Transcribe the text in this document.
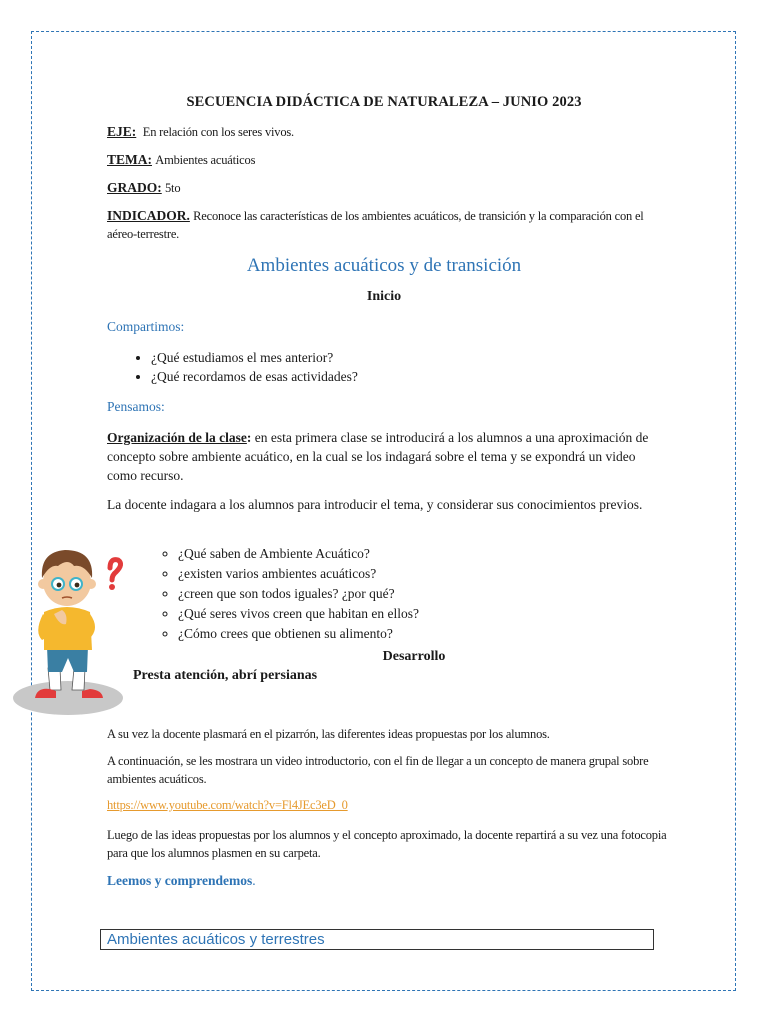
SECUENCIA DIDÁCTICA DE NATURALEZA – JUNIO 2023
EJE: En relación con los seres vivos.
TEMA: Ambientes acuáticos
GRADO: 5to
INDICADOR. Reconoce las características de los ambientes acuáticos, de transición y la comparación con el aéreo-terrestre.
Ambientes acuáticos y de transición
Inicio
Compartimos:
• ¿Qué estudiamos el mes anterior?
• ¿Qué recordamos de esas actividades?
Pensamos:
Organización de la clase: en esta primera clase se introducirá a los alumnos a una aproximación de concepto sobre ambiente acuático, en la cual se los indagará sobre el tema y se expondrá un video como recurso.
La docente indagara a los alumnos para introducir el tema, y considerar sus conocimientos previos.
◦ ¿Qué saben de Ambiente Acuático?
◦ ¿existen varios ambientes acuáticos?
◦ ¿creen que son todos iguales? ¿por qué?
◦ ¿Qué seres vivos creen que habitan en ellos?
◦ ¿Cómo crees que obtienen su alimento?
Desarrollo
Presta atención, abrí persianas
A su vez la docente plasmará en el pizarrón, las diferentes ideas propuestas por los alumnos.
A continuación, se les mostrara un video introductorio, con el fin de llegar a un concepto de manera grupal sobre ambientes acuáticos.
https://www.youtube.com/watch?v=Fl4JEc3eD_0
Luego de las ideas propuestas por los alumnos y el concepto aproximado, la docente repartirá a su vez una fotocopia para que los alumnos plasmen en su carpeta.
Leemos y comprendemos.
Ambientes acuáticos y terrestres
